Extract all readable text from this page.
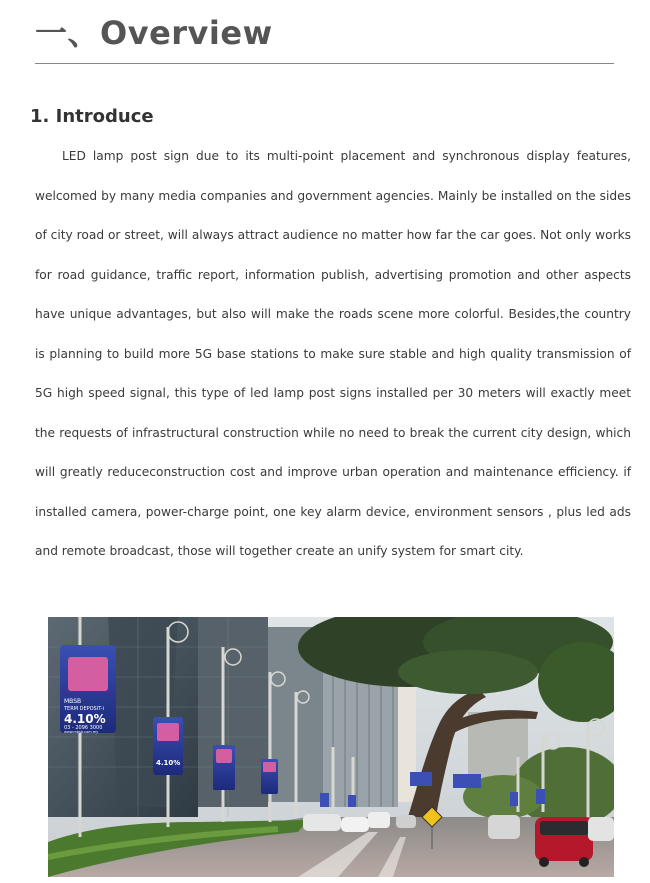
一、Overview
1. Introduce

LED lamp post sign due to its multi-point placement and synchronous display features, welcomed by many media companies and government agencies. Mainly be installed on the sides of city road or street, will always attract audience no matter how far the car goes. Not only works for road guidance, traffic report, information publish, advertising promotion and other aspects have unique advantages, but also will make the roads scene more colorful. Besides,the country is planning to build more 5G base stations to make sure stable and high quality transmission of 5G high speed signal, this type of led lamp post signs installed per 30 meters will exactly meet the requests of infrastructural construction while no need to break the current city design, which will greatly reduceconstruction cost and improve urban operation and maintenance efficiency. if installed camera, power-charge point, one key alarm device, environment sensors , plus led ads and remote broadcast, those will together create an unify system for smart city.

MBSB
TERM DEPOSIT-i
4.10%
03 - 2096 3000
www.mbsb.com.my
4.10%
